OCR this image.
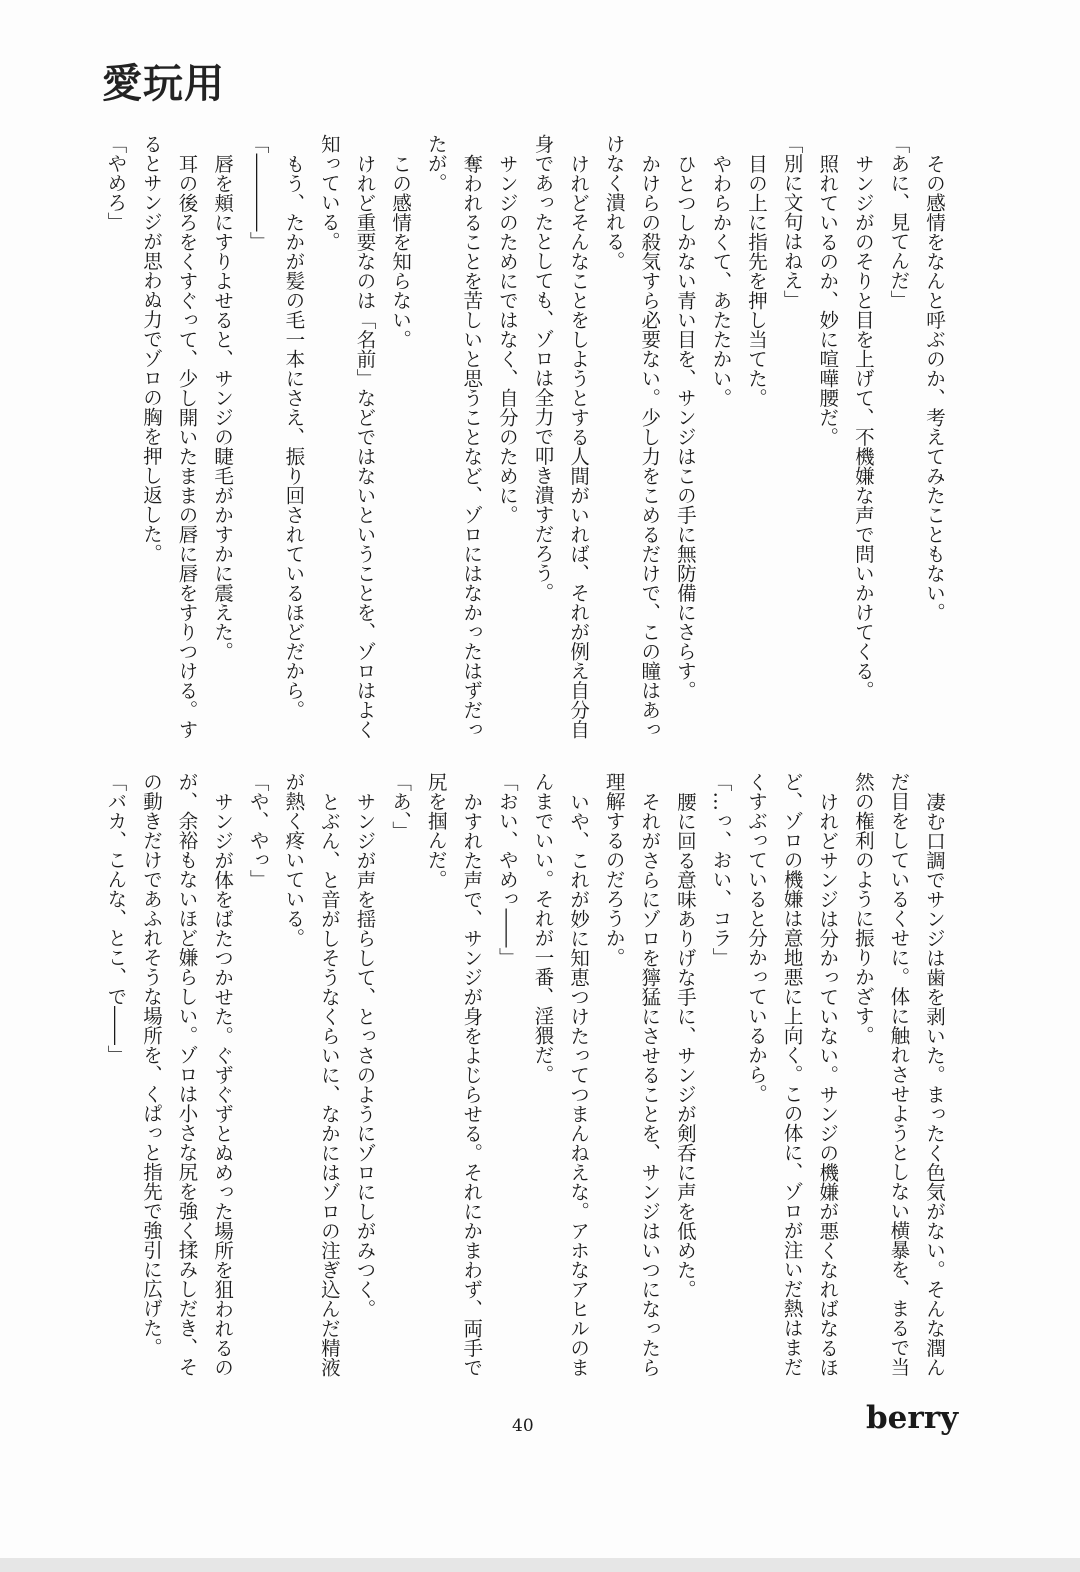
愛玩用
その感情をなんと呼ぶのか、考えてみたこともない。
「あに、見てんだ」
サンジがのそりと目を上げて、不機嫌な声で問いかけてくる。
照れているのか、妙に喧嘩腰だ。
「別に文句はねえ」
目の上に指先を押し当てた。
やわらかくて、あたたかい。
ひとつしかない青い目を、サンジはこの手に無防備にさらす。
かけらの殺気すら必要ない。少し力をこめるだけで、この瞳はあっ
けなく潰れる。
けれどそんなことをしようとする人間がいれば、それが例え自分自
身であったとしても、ゾロは全力で叩き潰すだろう。
サンジのためにではなく、自分のために。
奪われることを苦しいと思うことなど、ゾロにはなかったはずだっ
たが。
この感情を知らない。
けれど重要なのは「名前」などではないということを、ゾロはよく
知っている。
もう、たかが髪の毛一本にさえ、振り回されているほどだから。
「――――」
唇を頬にすりよせると、サンジの睫毛がかすかに震えた。
耳の後ろをくすぐって、少し開いたままの唇に唇をすりつける。す
るとサンジが思わぬ力でゾロの胸を押し返した。
「やめろ」
凄む口調でサンジは歯を剥いた。まったく色気がない。そんな潤ん
だ目をしているくせに。体に触れさせようとしない横暴を、まるで当
然の権利のように振りかざす。
けれどサンジは分かっていない。サンジの機嫌が悪くなればなるほ
ど、ゾロの機嫌は意地悪に上向く。この体に、ゾロが注いだ熱はまだ
くすぶっていると分かっているから。
「…っ、おい、コラ」
腰に回る意味ありげな手に、サンジが剣呑に声を低めた。
それがさらにゾロを獰猛にさせることを、サンジはいつになったら
理解するのだろうか。
いや、これが妙に知恵つけたってつまんねえな。アホなアヒルのま
んまでいい。それが一番、淫猥だ。
「おい、やめっ――」
かすれた声で、サンジが身をよじらせる。それにかまわず、両手で
尻を掴んだ。
「あ、」
サンジが声を揺らして、とっさのようにゾロにしがみつく。
とぶん、と音がしそうなくらいに、なかにはゾロの注ぎ込んだ精液
が熱く疼いている。
「や、やっ」
サンジが体をばたつかせた。ぐずぐずとぬめった場所を狙われるの
が、余裕もないほど嫌らしい。ゾロは小さな尻を強く揉みしだき、そ
の動きだけであふれそうな場所を、くぱっと指先で強引に広げた。
「バカ、こんな、とこ、で――」
40	berry
